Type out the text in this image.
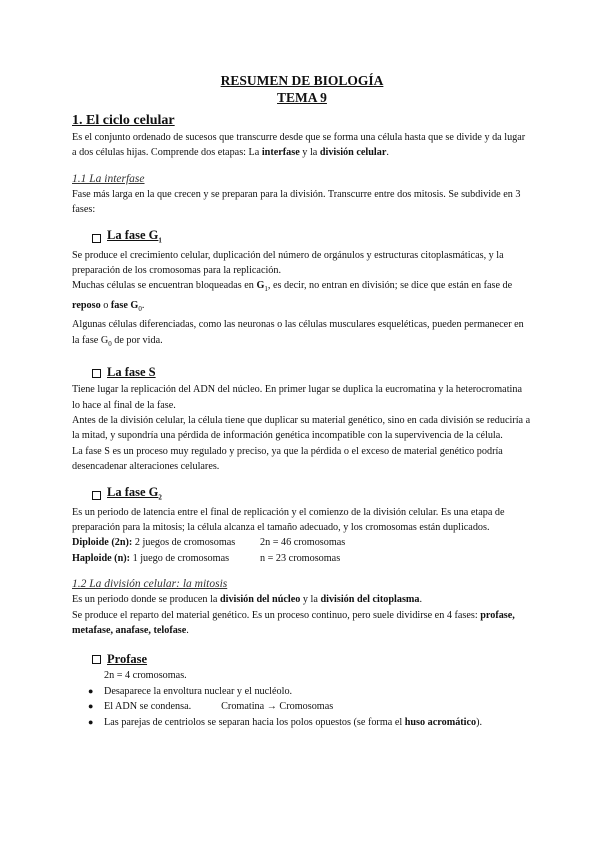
RESUMEN DE BIOLOGÍA
TEMA 9
1. El ciclo celular

Es el conjunto ordenado de sucesos que transcurre desde que se forma una célula hasta que se divide y da lugar a dos células hijas. Comprende dos etapas: La interfase y la división celular.

1.1 La interfase

Fase más larga en la que crecen y se preparan para la división. Transcurre entre dos mitosis. Se subdivide en 3 fases:

La fase $G_1$

Se produce el crecimiento celular, duplicación del número de orgánulos y estructuras citoplasmáticas, y la preparación de los cromosomas para la replicación.

Muchas células se encuentran bloqueadas en $G_1$, es decir, no entran en división; se dice que están en fase de reposo o fase $G_0$.

Algunas células diferenciadas, como las neuronas o las células musculares esqueléticas, pueden permanecer en la fase $G_0$ de por vida.

La fase S

Tiene lugar la replicación del ADN del núcleo. En primer lugar se duplica la eucromatina y la heterocromatina lo hace al final de la fase.

Antes de la división celular, la célula tiene que duplicar su material genético, sino en cada división se reduciría a la mitad, y supondría una pérdida de información genética incompatible con la supervivencia de la célula.

La fase S es un proceso muy regulado y preciso, ya que la pérdida o el exceso de material genético podría desencadenar alteraciones celulares.

La fase $G_2$

Es un periodo de latencia entre el final de replicación y el comienzo de la división celular. Es una etapa de preparación para la mitosis; la célula alcanza el tamaño adecuado, y los cromosomas están duplicados.

Diploide (2n): 2 juegos de cromosomas	2n = 46 cromosomas
Haploide (n): 1 juego de cromosomas	n = 23 cromosomas
1.2 La división celular: la mitosis

Es un periodo donde se producen la división del núcleo y la división del citoplasma.

Se produce el reparto del material genético. Es un proceso continuo, pero suele dividirse en 4 fases: profase, metafase, anafase, telofase.

Profase
2n = 4 cromosomas.
●	Desaparece la envoltura nuclear y el nucléolo.
●	El ADN se condensa.	Cromatina → Cromosomas
●	Las parejas de centriolos se separan hacia los polos opuestos (se forma el huso acromático).
